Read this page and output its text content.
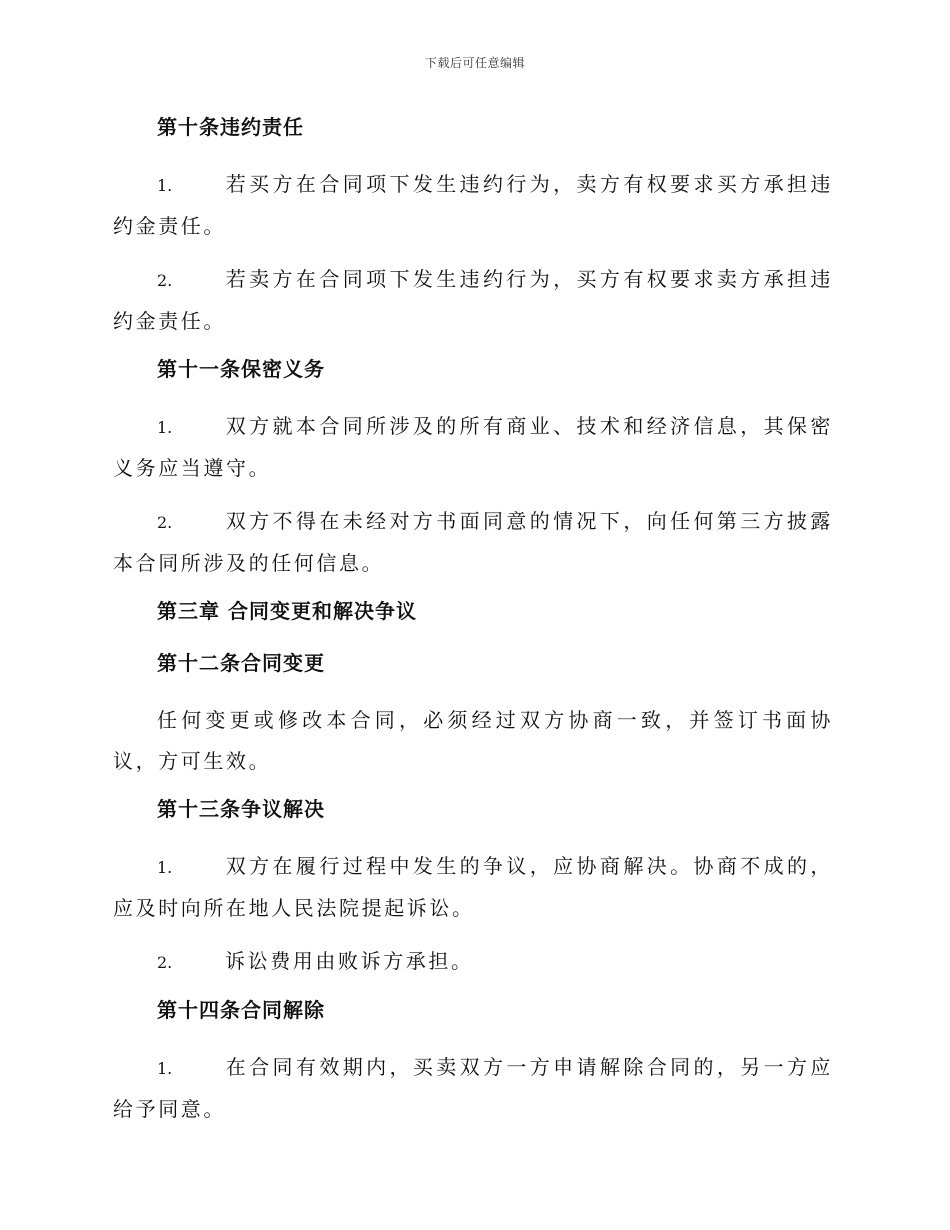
下载后可任意编辑
第十条违约责任
1.	若买方在合同项下发生违约行为，卖方有权要求买方承担违约金责任。
2.	若卖方在合同项下发生违约行为，买方有权要求卖方承担违约金责任。
第十一条保密义务
1.	双方就本合同所涉及的所有商业、技术和经济信息，其保密义务应当遵守。
2.	双方不得在未经对方书面同意的情况下，向任何第三方披露本合同所涉及的任何信息。
第三章 合同变更和解决争议
第十二条合同变更
任何变更或修改本合同，必须经过双方协商一致，并签订书面协议，方可生效。
第十三条争议解决
1.	双方在履行过程中发生的争议，应协商解决。协商不成的，应及时向所在地人民法院提起诉讼。
2.	诉讼费用由败诉方承担。
第十四条合同解除
1.	在合同有效期内，买卖双方一方申请解除合同的，另一方应给予同意。
